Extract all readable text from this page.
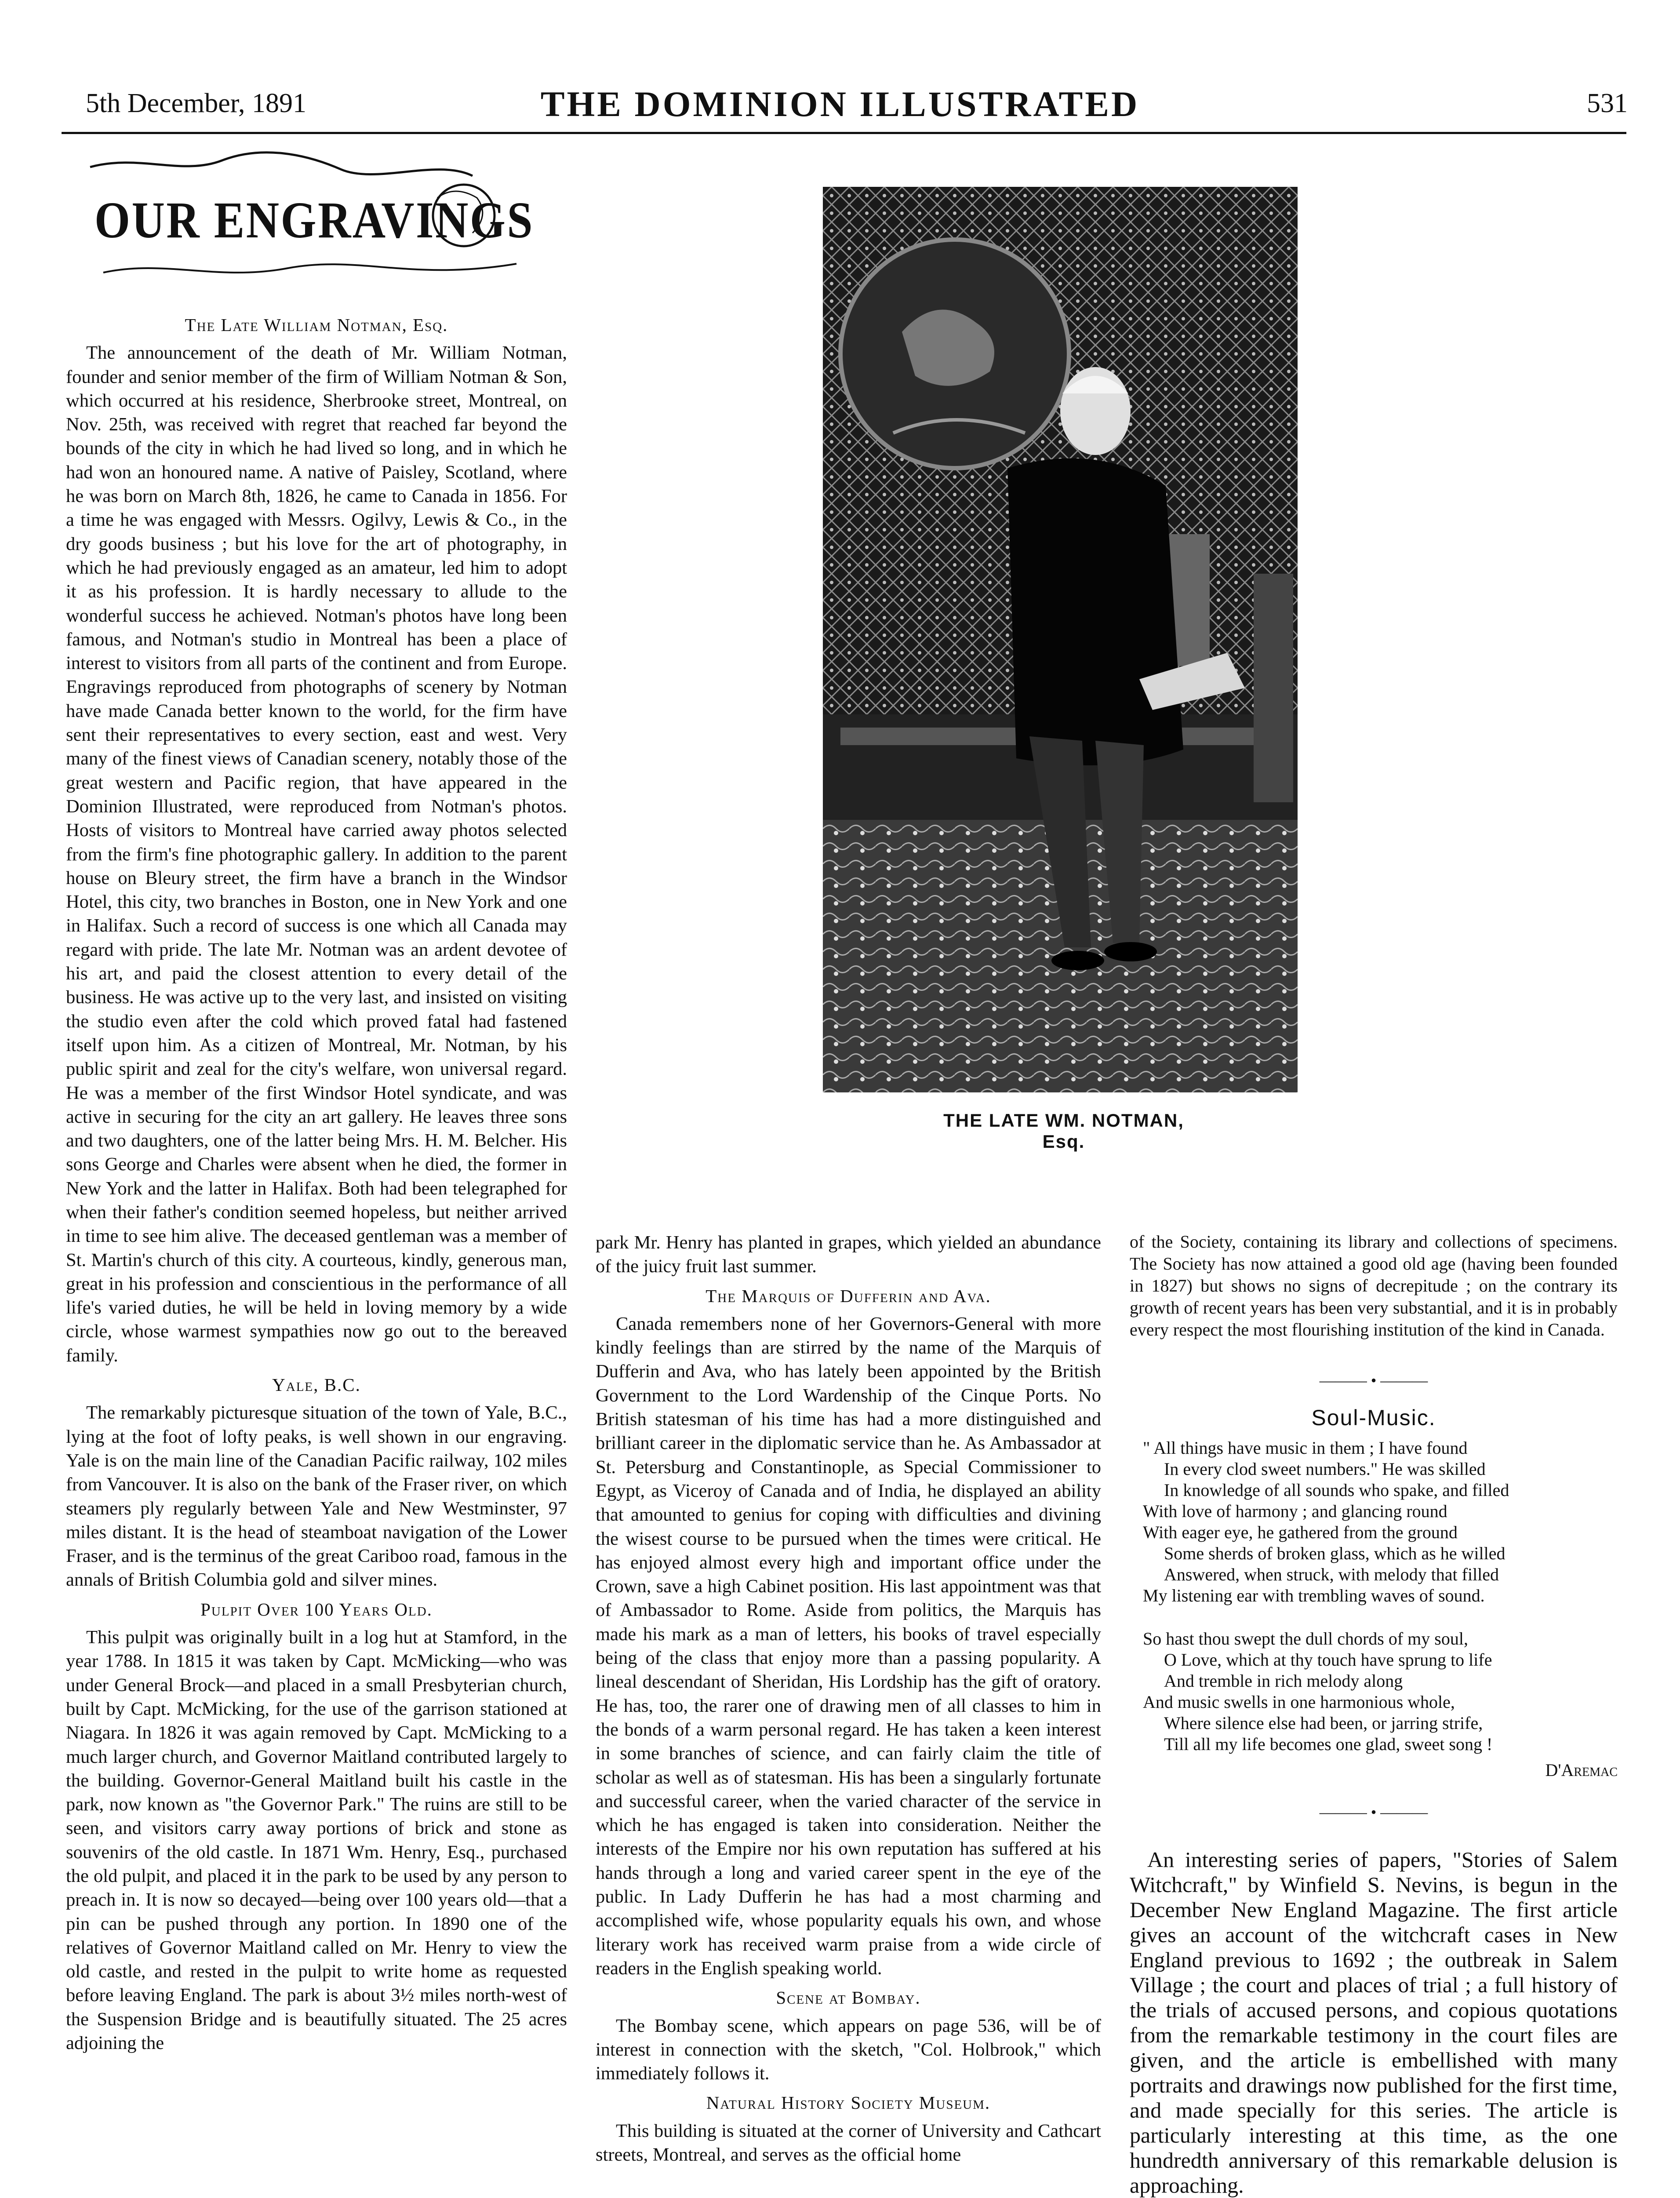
5th December, 1891	THE DOMINION ILLUSTRATED	531
OUR ENGRAVINGS

The Late William Notman, Esq.

The announcement of the death of Mr. William Notman, founder and senior member of the firm of William Notman & Son, which occurred at his residence, Sherbrooke street, Montreal, on Nov. 25th, was received with regret that reached far beyond the bounds of the city in which he had lived so long, and in which he had won an honoured name. A native of Paisley, Scotland, where he was born on March 8th, 1826, he came to Canada in 1856. For a time he was engaged with Messrs. Ogilvy, Lewis & Co., in the dry goods business ; but his love for the art of photography, in which he had previously engaged as an amateur, led him to adopt it as his profession. It is hardly necessary to allude to the wonderful success he achieved. Notman's photos have long been famous, and Notman's studio in Montreal has been a place of interest to visitors from all parts of the continent and from Europe. Engravings reproduced from photographs of scenery by Notman have made Canada better known to the world, for the firm have sent their representatives to every section, east and west. Very many of the finest views of Canadian scenery, notably those of the great western and Pacific region, that have appeared in the Dominion Illustrated, were reproduced from Notman's photos. Hosts of visitors to Montreal have carried away photos selected from the firm's fine photographic gallery. In addition to the parent house on Bleury street, the firm have a branch in the Windsor Hotel, this city, two branches in Boston, one in New York and one in Halifax. Such a record of success is one which all Canada may regard with pride. The late Mr. Notman was an ardent devotee of his art, and paid the closest attention to every detail of the business. He was active up to the very last, and insisted on visiting the studio even after the cold which proved fatal had fastened itself upon him. As a citizen of Montreal, Mr. Notman, by his public spirit and zeal for the city's welfare, won universal regard. He was a member of the first Windsor Hotel syndicate, and was active in securing for the city an art gallery. He leaves three sons and two daughters, one of the latter being Mrs. H. M. Belcher. His sons George and Charles were absent when he died, the former in New York and the latter in Halifax. Both had been telegraphed for when their father's condition seemed hopeless, but neither arrived in time to see him alive. The deceased gentleman was a member of St. Martin's church of this city. A courteous, kindly, generous man, great in his profession and conscientious in the performance of all life's varied duties, he will be held in loving memory by a wide circle, whose warmest sympathies now go out to the bereaved family.

Yale, B.C.

The remarkably picturesque situation of the town of Yale, B.C., lying at the foot of lofty peaks, is well shown in our engraving. Yale is on the main line of the Canadian Pacific railway, 102 miles from Vancouver. It is also on the bank of the Fraser river, on which steamers ply regularly between Yale and New Westminster, 97 miles distant. It is the head of steamboat navigation of the Lower Fraser, and is the terminus of the great Cariboo road, famous in the annals of British Columbia gold and silver mines.

Pulpit Over 100 Years Old.

This pulpit was originally built in a log hut at Stamford, in the year 1788. In 1815 it was taken by Capt. McMicking—who was under General Brock—and placed in a small Presbyterian church, built by Capt. McMicking, for the use of the garrison stationed at Niagara. In 1826 it was again removed by Capt. McMicking to a much larger church, and Governor Maitland contributed largely to the building. Governor-General Maitland built his castle in the park, now known as "the Governor Park." The ruins are still to be seen, and visitors carry away portions of brick and stone as souvenirs of the old castle. In 1871 Wm. Henry, Esq., purchased the old pulpit, and placed it in the park to be used by any person to preach in. It is now so decayed—being over 100 years old—that a pin can be pushed through any portion. In 1890 one of the relatives of Governor Maitland called on Mr. Henry to view the old castle, and rested in the pulpit to write home as requested before leaving England. The park is about 3½ miles north-west of the Suspension Bridge and is beautifully situated. The 25 acres adjoining the

THE LATE WM. NOTMAN, Esq.

park Mr. Henry has planted in grapes, which yielded an abundance of the juicy fruit last summer.

The Marquis of Dufferin and Ava.

Canada remembers none of her Governors-General with more kindly feelings than are stirred by the name of the Marquis of Dufferin and Ava, who has lately been appointed by the British Government to the Lord Wardenship of the Cinque Ports. No British statesman of his time has had a more distinguished and brilliant career in the diplomatic service than he. As Ambassador at St. Petersburg and Constantinople, as Special Commissioner to Egypt, as Viceroy of Canada and of India, he displayed an ability that amounted to genius for coping with difficulties and divining the wisest course to be pursued when the times were critical. He has enjoyed almost every high and important office under the Crown, save a high Cabinet position. His last appointment was that of Ambassador to Rome. Aside from politics, the Marquis has made his mark as a man of letters, his books of travel especially being of the class that enjoy more than a passing popularity. A lineal descendant of Sheridan, His Lordship has the gift of oratory. He has, too, the rarer one of drawing men of all classes to him in the bonds of a warm personal regard. He has taken a keen interest in some branches of science, and can fairly claim the title of scholar as well as of statesman. His has been a singularly fortunate and successful career, when the varied character of the service in which he has engaged is taken into consideration. Neither the interests of the Empire nor his own reputation has suffered at his hands through a long and varied career spent in the eye of the public. In Lady Dufferin he has had a most charming and accomplished wife, whose popularity equals his own, and whose literary work has received warm praise from a wide circle of readers in the English speaking world.

Scene at Bombay.

The Bombay scene, which appears on page 536, will be of interest in connection with the sketch, "Col. Holbrook," which immediately follows it.

Natural History Society Museum.

This building is situated at the corner of University and Cathcart streets, Montreal, and serves as the official home

of the Society, containing its library and collections of specimens. The Society has now attained a good old age (having been founded in 1827) but shows no signs of decrepitude ; on the contrary its growth of recent years has been very substantial, and it is in probably every respect the most flourishing institution of the kind in Canada.

——— • ———

Soul-Music.

" All things have music in them ; I have found
In every clod sweet numbers." He was skilled
In knowledge of all sounds who spake, and filled
With love of harmony ; and glancing round
With eager eye, he gathered from the ground
Some sherds of broken glass, which as he willed
Answered, when struck, with melody that filled
My listening ear with trembling waves of sound.
So hast thou swept the dull chords of my soul,
O Love, which at thy touch have sprung to life
And tremble in rich melody along
And music swells in one harmonious whole,
Where silence else had been, or jarring strife,
Till all my life becomes one glad, sweet song !
D'Aremac
——— • ———

An interesting series of papers, "Stories of Salem Witchcraft," by Winfield S. Nevins, is begun in the December New England Magazine. The first article gives an account of the witchcraft cases in New England previous to 1692 ; the outbreak in Salem Village ; the court and places of trial ; a full history of the trials of accused persons, and copious quotations from the remarkable testimony in the court files are given, and the article is embellished with many portraits and drawings now published for the first time, and made specially for this series. The article is particularly interesting at this time, as the one hundredth anniversary of this remarkable delusion is approaching.
